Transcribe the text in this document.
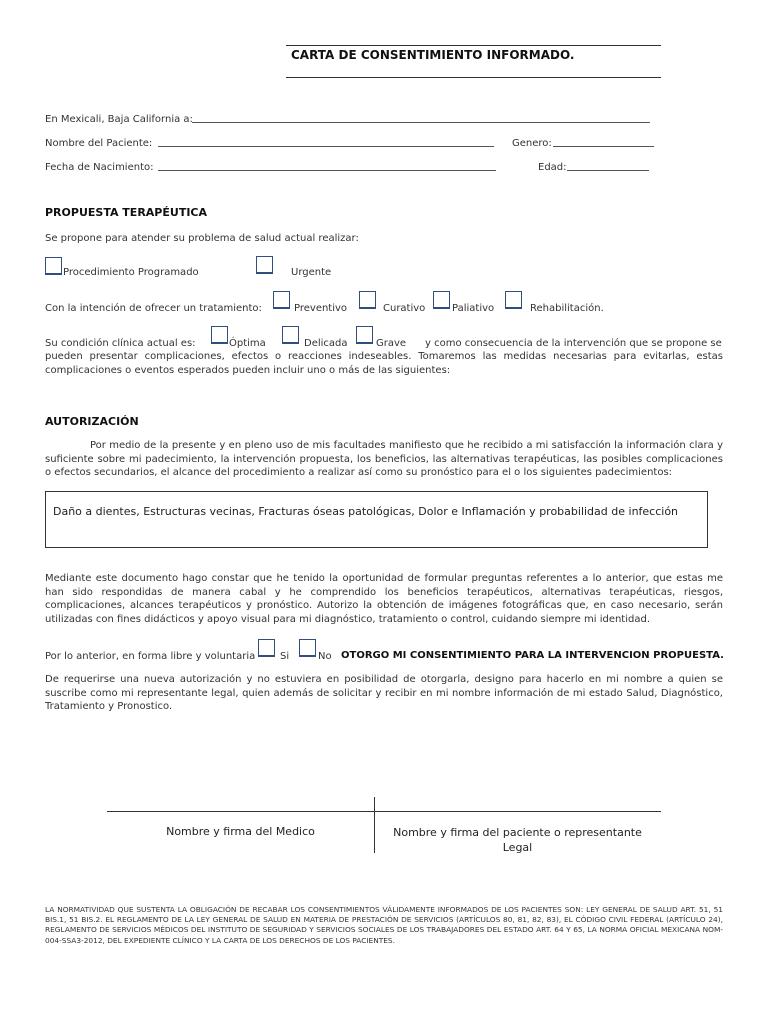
CARTA DE CONSENTIMIENTO INFORMADO.
En Mexicali, Baja California a:
Nombre del Paciente:	Genero:
Fecha de Nacimiento:	Edad:
PROPUESTA TERAPÉUTICA
Se propone para atender su problema de salud actual realizar:
Procedimiento Programado	Urgente
Con la intención de ofrecer un tratamiento:	Preventivo	Curativo	Paliativo	Rehabilitación.
Su condición clínica actual es:	Óptima	Delicada	Grave y como consecuencia de la intervención que se propone se
pueden presentar complicaciones, efectos o reacciones indeseables. Tomaremos las medidas necesarias para evitarlas, estas complicaciones o eventos esperados pueden incluir uno o más de las siguientes:
AUTORIZACIÓN
Por medio de la presente y en pleno uso de mis facultades manifiesto que he recibido a mi satisfacción la información clara y suficiente sobre mi padecimiento, la intervención propuesta, los beneficios, las alternativas terapéuticas, las posibles complicaciones o efectos secundarios, el alcance del procedimiento a realizar así como su pronóstico para el o los siguientes padecimientos:
Daño a dientes, Estructuras vecinas, Fracturas óseas patológicas, Dolor e Inflamación y probabilidad de infección
Mediante este documento hago constar que he tenido la oportunidad de formular preguntas referentes a lo anterior, que estas me han sido respondidas de manera cabal y he comprendido los beneficios terapéuticos, alternativas terapéuticas, riesgos, complicaciones, alcances terapéuticos y pronóstico. Autorizo la obtención de imágenes fotográficas que, en caso necesario, serán utilizadas con fines didácticos y apoyo visual para mi diagnóstico, tratamiento o control, cuidando siempre mi identidad.
Por lo anterior, en forma libre y voluntaria Si	No OTORGO MI CONSENTIMIENTO PARA LA INTERVENCION PROPUESTA.
De requerirse una nueva autorización y no estuviera en posibilidad de otorgarla, designo para hacerlo en mi nombre a quien se suscribe como mi representante legal, quien además de solicitar y recibir en mi nombre información de mi estado Salud, Diagnóstico, Tratamiento y Pronostico.
Nombre y firma del Medico	Nombre y firma del paciente o representante
Legal
LA NORMATIVIDAD QUE SUSTENTA LA OBLIGACIÓN DE RECABAR LOS CONSENTIMIENTOS VÁLIDAMENTE INFORMADOS DE LOS PACIENTES SON: LEY GENERAL DE SALUD ART. 51, 51 BIS.1, 51 BIS.2. EL REGLAMENTO DE LA LEY GENERAL DE SALUD EN MATERIA DE PRESTACIÓN DE SERVICIOS (ARTÍCULOS 80, 81, 82, 83), EL CÓDIGO CIVIL FEDERAL (ARTÍCULO 24), REGLAMENTO DE SERVICIOS MÉDICOS DEL INSTITUTO DE SEGURIDAD Y SERVICIOS SOCIALES DE LOS TRABAJADORES DEL ESTADO ART. 64 Y 65, LA NORMA OFICIAL MEXICANA NOM-004-SSA3-2012, DEL EXPEDIENTE CLÍNICO Y LA CARTA DE LOS DERECHOS DE LOS PACIENTES.
